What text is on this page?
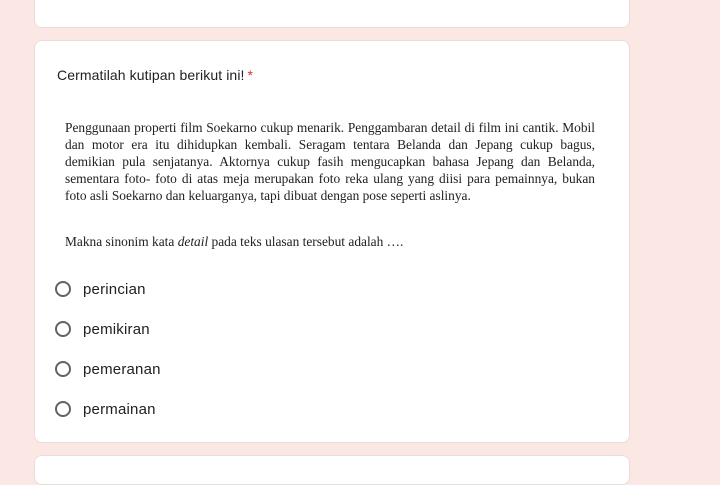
Cermatilah kutipan berikut ini! *

Penggunaan properti film Soekarno cukup menarik. Penggambaran detail di film ini cantik. Mobil dan motor era itu dihidupkan kembali. Seragam tentara Belanda dan Jepang cukup bagus, demikian pula senjatanya. Aktornya cukup fasih mengucapkan bahasa Jepang dan Belanda, sementara foto- foto di atas meja merupakan foto reka ulang yang diisi para pemainnya, bukan foto asli Soekarno dan keluarganya, tapi dibuat dengan pose seperti aslinya.

Makna sinonim kata detail pada teks ulasan tersebut adalah ….

perincian
pemikiran
pemeranan
permainan
